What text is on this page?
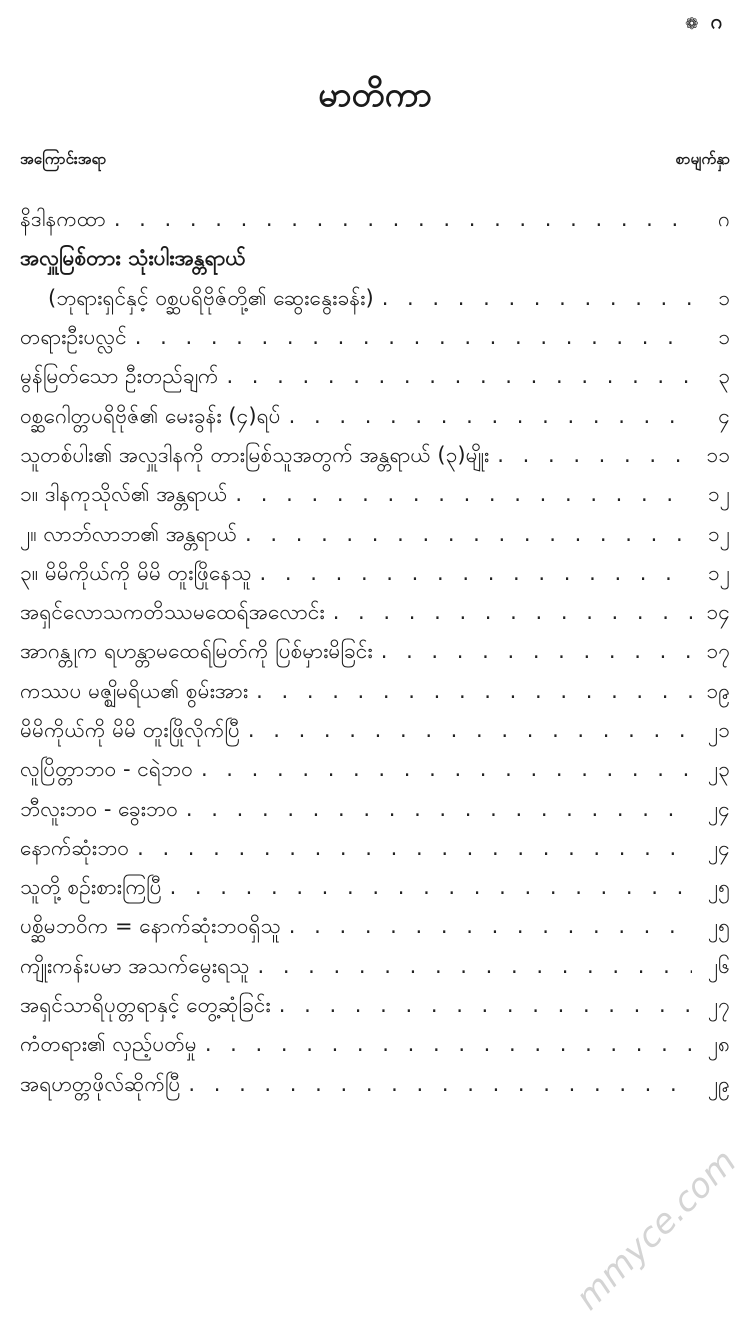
❁ ဂ
မာတိကာ
အကြောင်းအရာ	စာမျက်နှာ
နိဒါနကထာ . . .	ဂ
အလှူမြစ်တား သုံးပါးအန္တရာယ်
(ဘုရားရှင်နှင့် ဝစ္ဆပရိဗိုဇ်တို့၏ ဆွေးနွေးခန်း) . . .	၁
တရားဦးပလ္လင် . . .	၁
မွန်မြတ်သော ဦးတည်ချက် . . .	၃
ဝစ္ဆဂေါတ္တပရိဗိုဇ်၏ မေးခွန်း (၄)ရပ် . . .	၄
သူတစ်ပါး၏ အလှူဒါနကို တားမြစ်သူအတွက် အန္တရာယ် (၃)မျိုး . . .	၁၁
၁။ ဒါနကုသိုလ်၏ အန္တရာယ် . . .	၁၂
၂။ လာဘ်လာဘ၏ အန္တရာယ် . . .	၁၂
၃။ မိမိကိုယ်ကို မိမိ တူးဖြိုနေသူ . . .	၁၂
အရှင်လောသကတိဿမထေရ်အလောင်း . . .	၁၄
အာဂန္တုက ရဟန္တာမထေရ်မြတ်ကို ပြစ်မှားမိခြင်း . . .	၁၇
ကဿပ မဇ္ဈိမရိယ၏ စွမ်းအား . . .	၁၉
မိမိကိုယ်ကို မိမိ တူးဖြိုလိုက်ပြီ . . .	၂၁
လူပြိတ္တာဘဝ - ငရဲဘဝ . . .	၂၃
ဘီလူးဘဝ - ခွေးဘဝ . . .	၂၄
နောက်ဆုံးဘဝ . . .	၂၄
သူတို့ စဉ်းစားကြပြီ . . .	၂၅
ပစ္ဆိမဘဝိက = နောက်ဆုံးဘဝရှိသူ . . .	၂၅
ကျိုးကန်းပမာ အသက်မွေးရသူ . . .	၂၆
အရှင်သာရိပုတ္တရာနှင့် တွေ့ဆုံခြင်း . . .	၂၇
ကံတရား၏ လှည့်ပတ်မှု . . .	၂၈
အရဟတ္တဖိုလ်ဆိုက်ပြီ . . .	၂၉
mmyce.com
